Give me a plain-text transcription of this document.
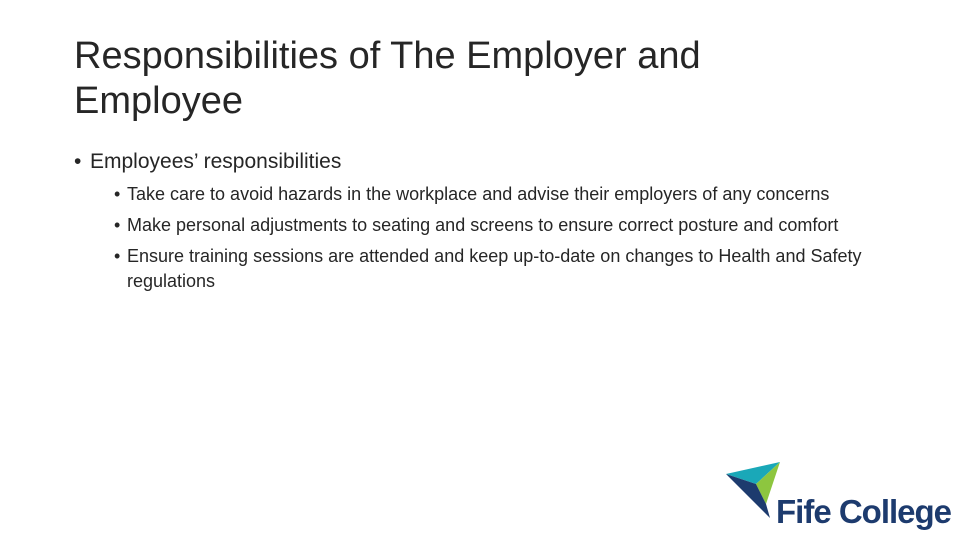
Responsibilities of The Employer and Employee

• Employees’ responsibilities

• Take care to avoid hazards in the workplace and advise their employers of any concerns

• Make personal adjustments to seating and screens to ensure correct posture and comfort

• Ensure training sessions are attended and keep up-to-date on changes to Health and Safety regulations

Fife College
